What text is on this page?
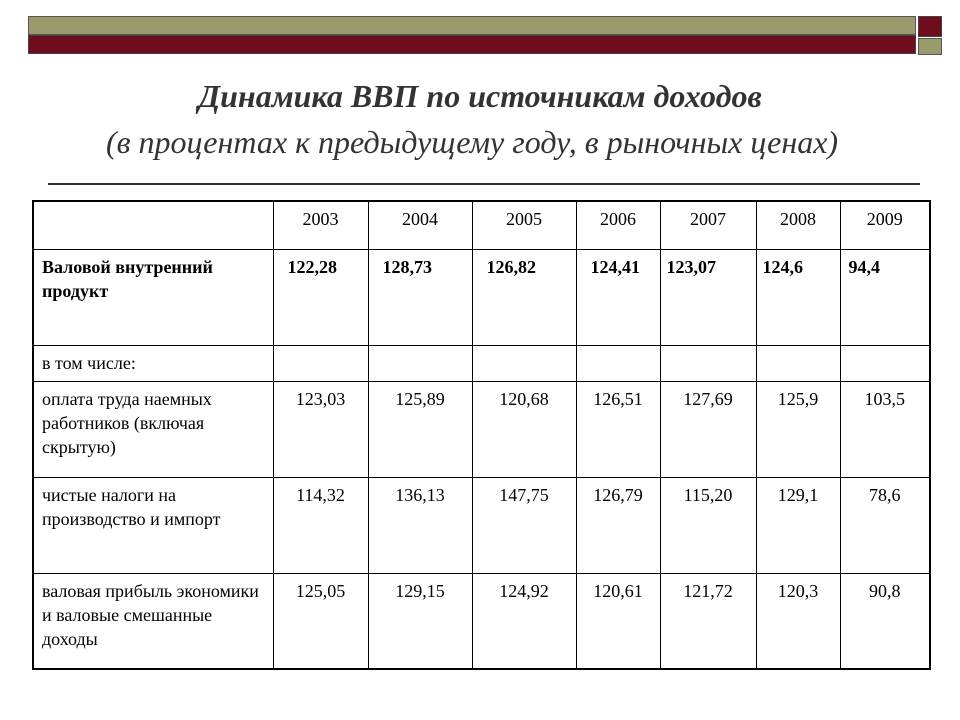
Динамика ВВП по источникам доходов
(в процентах к предыдущему году, в рыночных ценах)
	2003	2004	2005	2006	2007	2008	2009
Валовой внутренний продукт	122,28	128,73	126,82	124,41	123,07	124,6	94,4
в том числе:							
оплата труда наемных работников (включая скрытую)	123,03	125,89	120,68	126,51	127,69	125,9	103,5
чистые налоги на производство и импорт	114,32	136,13	147,75	126,79	115,20	129,1	78,6
валовая прибыль экономики и валовые смешанные доходы	125,05	129,15	124,92	120,61	121,72	120,3	90,8
